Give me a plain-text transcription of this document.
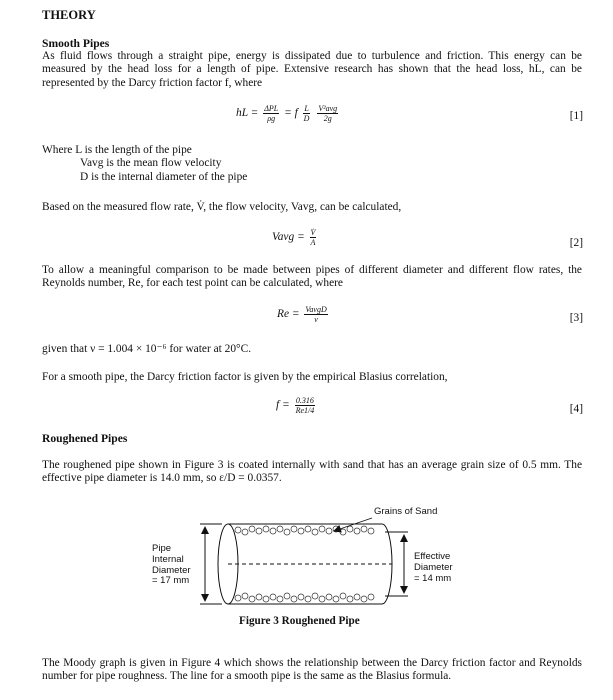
THEORY
Smooth Pipes
As fluid flows through a straight pipe, energy is dissipated due to turbulence and friction. This energy can be measured by the head loss for a length of pipe. Extensive research has shown that the head loss, hL, can be represented by the Darcy friction factor f, where
hL = $\frac{\text{ΔPL}}{\rho g} = f \frac{L}{D}$
$\frac{\text{V²avg}}{2g}$	[1]
Where L is the length of the pipe
Vavg is the mean flow velocity
D is the internal diameter of the pipe
Based on the measured flow rate, V̇, the flow velocity, Vavg, can be calculated,
Vavg = $\frac{V̇}{A}$	[2]
To allow a meaningful comparison to be made between pipes of different diameter and different flow rates, the Reynolds number, Re, for each test point can be calculated, where
$Re = \frac{\text{VavgD}}{\nu}$	[3]
given that ν = 1.004 × 10⁻⁶ for water at 20°C.
For a smooth pipe, the Darcy friction factor is given by the empirical Blasius correlation,
$f = \frac{0.316}{Re1/4}$	[4]
Roughened Pipes
The roughened pipe shown in Figure 3 is coated internally with sand that has an average grain size of 0.5 mm. The effective pipe diameter is 14.0 mm, so ε/D = 0.0357.
Grains of Sand
Pipe
Internal
Diameter
= 17 mm
Effective
Diameter
= 14 mm
Figure 3 Roughened Pipe
The Moody graph is given in Figure 4 which shows the relationship between the Darcy friction factor and Reynolds number for pipe roughness. The line for a smooth pipe is the same as the Blasius formula.
